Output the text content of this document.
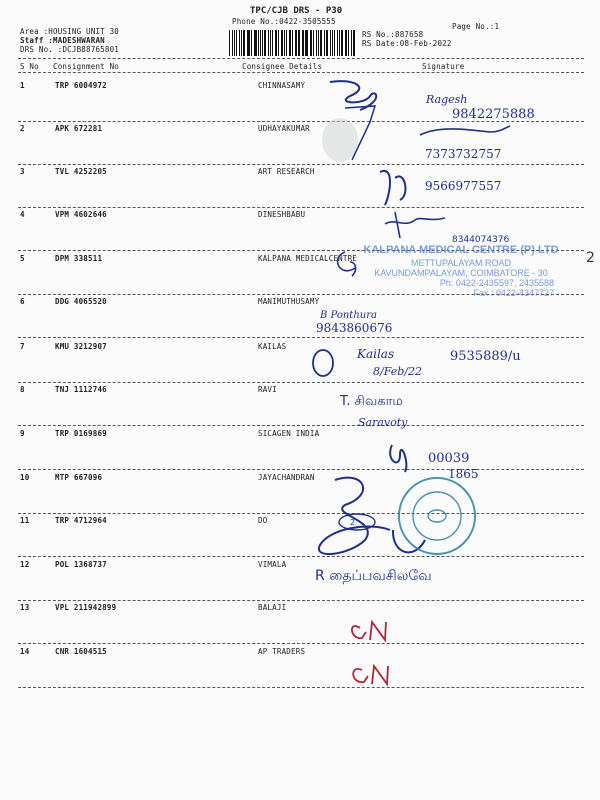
TPC/CJB DRS - P30
Phone No.:0422-3505555
Area :HOUSING UNIT 30
Staff :MADESHWARAN
DRS No. :DCJB88765801
RS No.:887658
RS Date:08-Feb-2022
Page No.:1
S No Consignment No	Consignee Details	Signature
1	TRP 6004972	CHINNASAMY
2	APK 672281	UDHAYAKUMAR
3	TVL 4252205	ART RESEARCH
4	VPM 4602646	DINESHBABU
5	DPM 338511	KALPANA MEDICALCENTRE
6	DDG 4065520	MANIMUTHUSAMY
7	KMU 3212907	KAILAS
8	TNJ 1112746	RAVI
9	TRP 0169869	SICAGEN INDIA
10	MTP 667096	JAYACHANDRAN
11	TRP 4712964	DO
12	POL 1368737	VIMALA
13	VPL 211942899	BALAJI
14	CNR 1604515	AP TRADERS
Ragesh
9842275888
7373732757
9566977557
8344074376
2
B Ponthura
9843860676
Kailas
8/Feb/22
9535889/u
T. சிவகாம
Saravoty
00039
1865
2
R தைப்பவசிலவே
KALPANA MEDICAL CENTRE (P) LTD
METTUPALAYAM ROAD
KAVUNDAMPALAYAM, COIMBATORE - 30
Ph: 0422-2435597, 2435588
Fax : 0422-4347727
